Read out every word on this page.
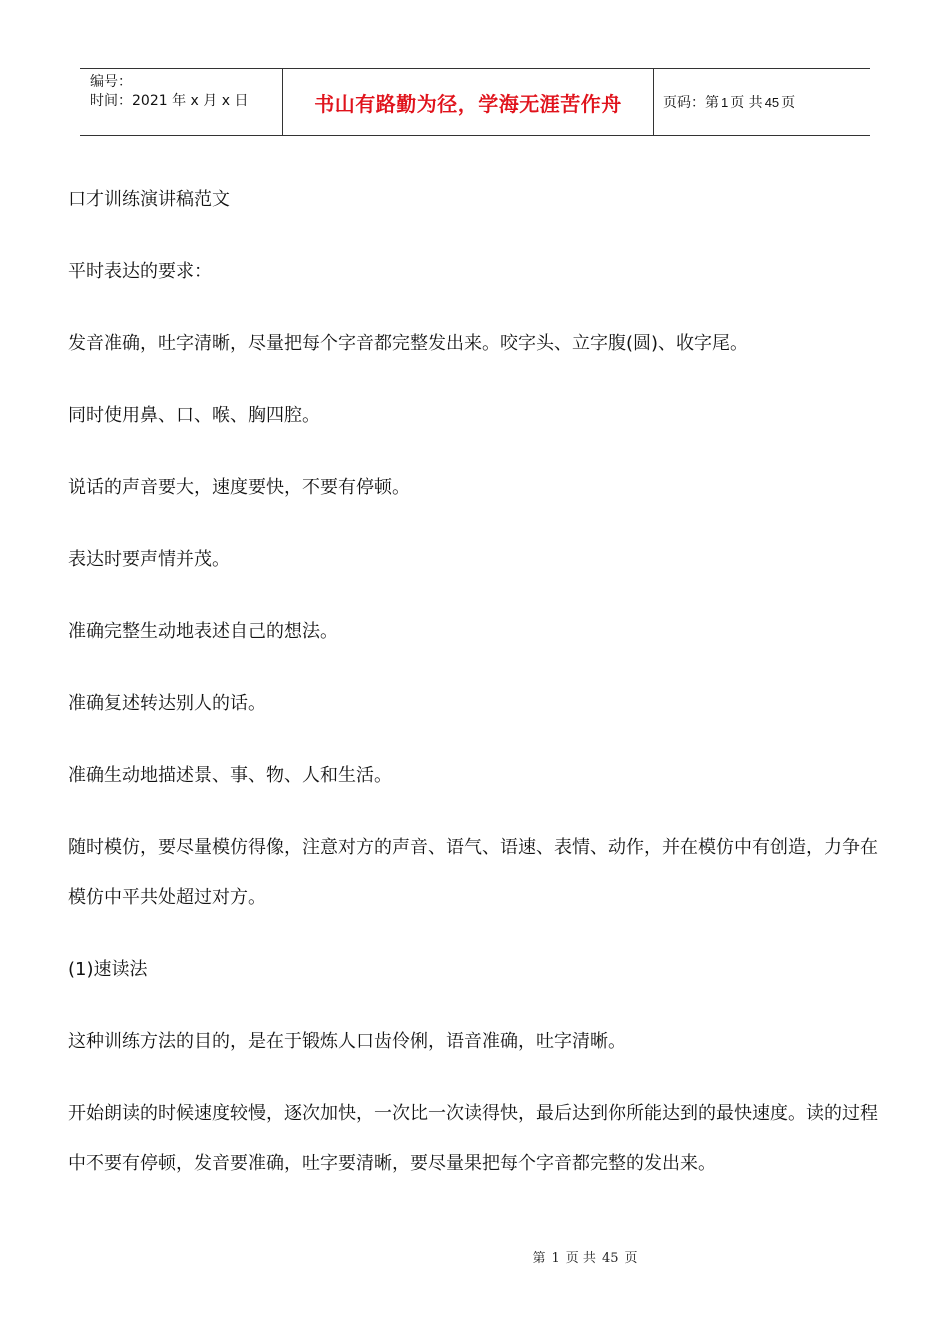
编号：
时间：2021 年 x 月 x 日	书山有路勤为径，学海无涯苦作舟	页码：第 1 页 共 45 页

口才训练演讲稿范文

平时表达的要求：

发音准确，吐字清晰，尽量把每个字音都完整发出来。咬字头、立字腹(圆)、收字尾。

同时使用鼻、口、喉、胸四腔。

说话的声音要大，速度要快，不要有停顿。

表达时要声情并茂。

准确完整生动地表述自己的想法。

准确复述转达别人的话。

准确生动地描述景、事、物、人和生活。

随时模仿，要尽量模仿得像，注意对方的声音、语气、语速、表情、动作，并在模仿中有创造，力争在模仿中平共处超过对方。

(1)速读法

这种训练方法的目的，是在于锻炼人口齿伶俐，语音准确，吐字清晰。

开始朗读的时候速度较慢，逐次加快，一次比一次读得快，最后达到你所能达到的最快速度。读的过程中不要有停顿，发音要准确，吐字要清晰，要尽量果把每个字音都完整的发出来。

第 1 页 共 45 页
